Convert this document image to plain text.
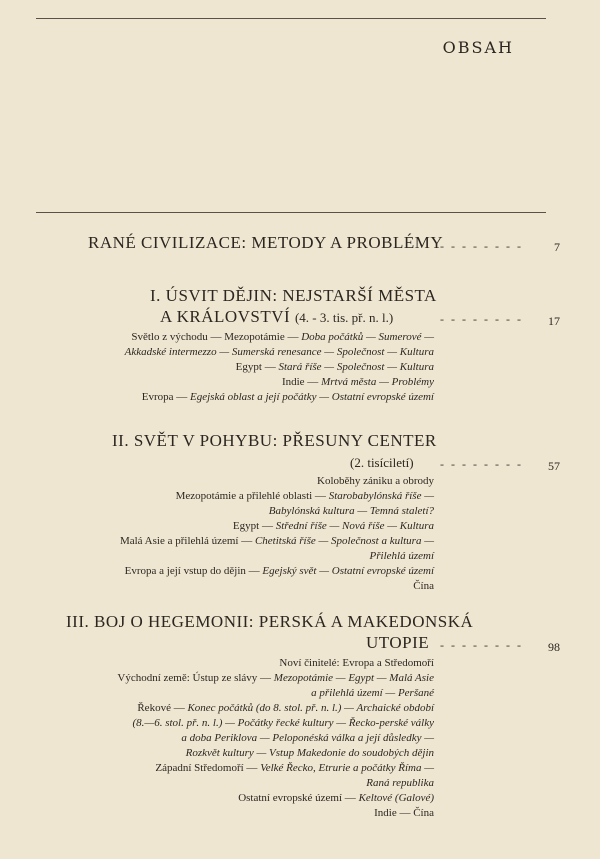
OBSAH
RANÉ CIVILIZACE: METODY A PROBLÉMY
- - - - - - - -	7
I. ÚSVIT DĚJIN: NEJSTARŠÍ MĚSTA
A KRÁLOVSTVÍ (4. - 3. tis. př. n. l.)	- - - - - - - - 17
Světlo z východu — Mezopotámie — Doba počátků — Sumerové —
Akkadské intermezzo — Sumerská renesance — Společnost — Kultura
Egypt — Stará říše — Společnost — Kultura
Indie — Mrtvá města — Problémy
Evropa — Egejská oblast a její počátky — Ostatní evropské území
II. SVĚT V POHYBU: PŘESUNY CENTER
(2. tisíciletí) - - - - - - - - 57
Koloběhy zániku a obrody
Mezopotámie a přilehlé oblasti — Starobabylónská říše —
Babylónská kultura — Temná staletí?
Egypt — Střední říše — Nová říše — Kultura
Malá Asie a přilehlá území — Chetitská říše — Společnost a kultura —
Přilehlá území
Evropa a její vstup do dějin — Egejský svět — Ostatní evropské území
Čína
III. BOJ O HEGEMONII: PERSKÁ A MAKEDONSKÁ
UTOPIE - - - - - - - - 98
Noví činitelé: Evropa a Středomoří
Východní země: Ústup ze slávy — Mezopotámie — Egypt — Malá Asie
a přilehlá území — Peršané
Řekové — Konec počátků (do 8. stol. př. n. l.) — Archaické období
(8.—6. stol. př. n. l.) — Počátky řecké kultury — Řecko-perské války
a doba Periklova — Peloponéská válka a její důsledky —
Rozkvět kultury — Vstup Makedonie do soudobých dějin
Západní Středomoří — Velké Řecko, Etrurie a počátky Říma —
Raná republika
Ostatní evropské území — Keltové (Galové)
Indie — Čína
